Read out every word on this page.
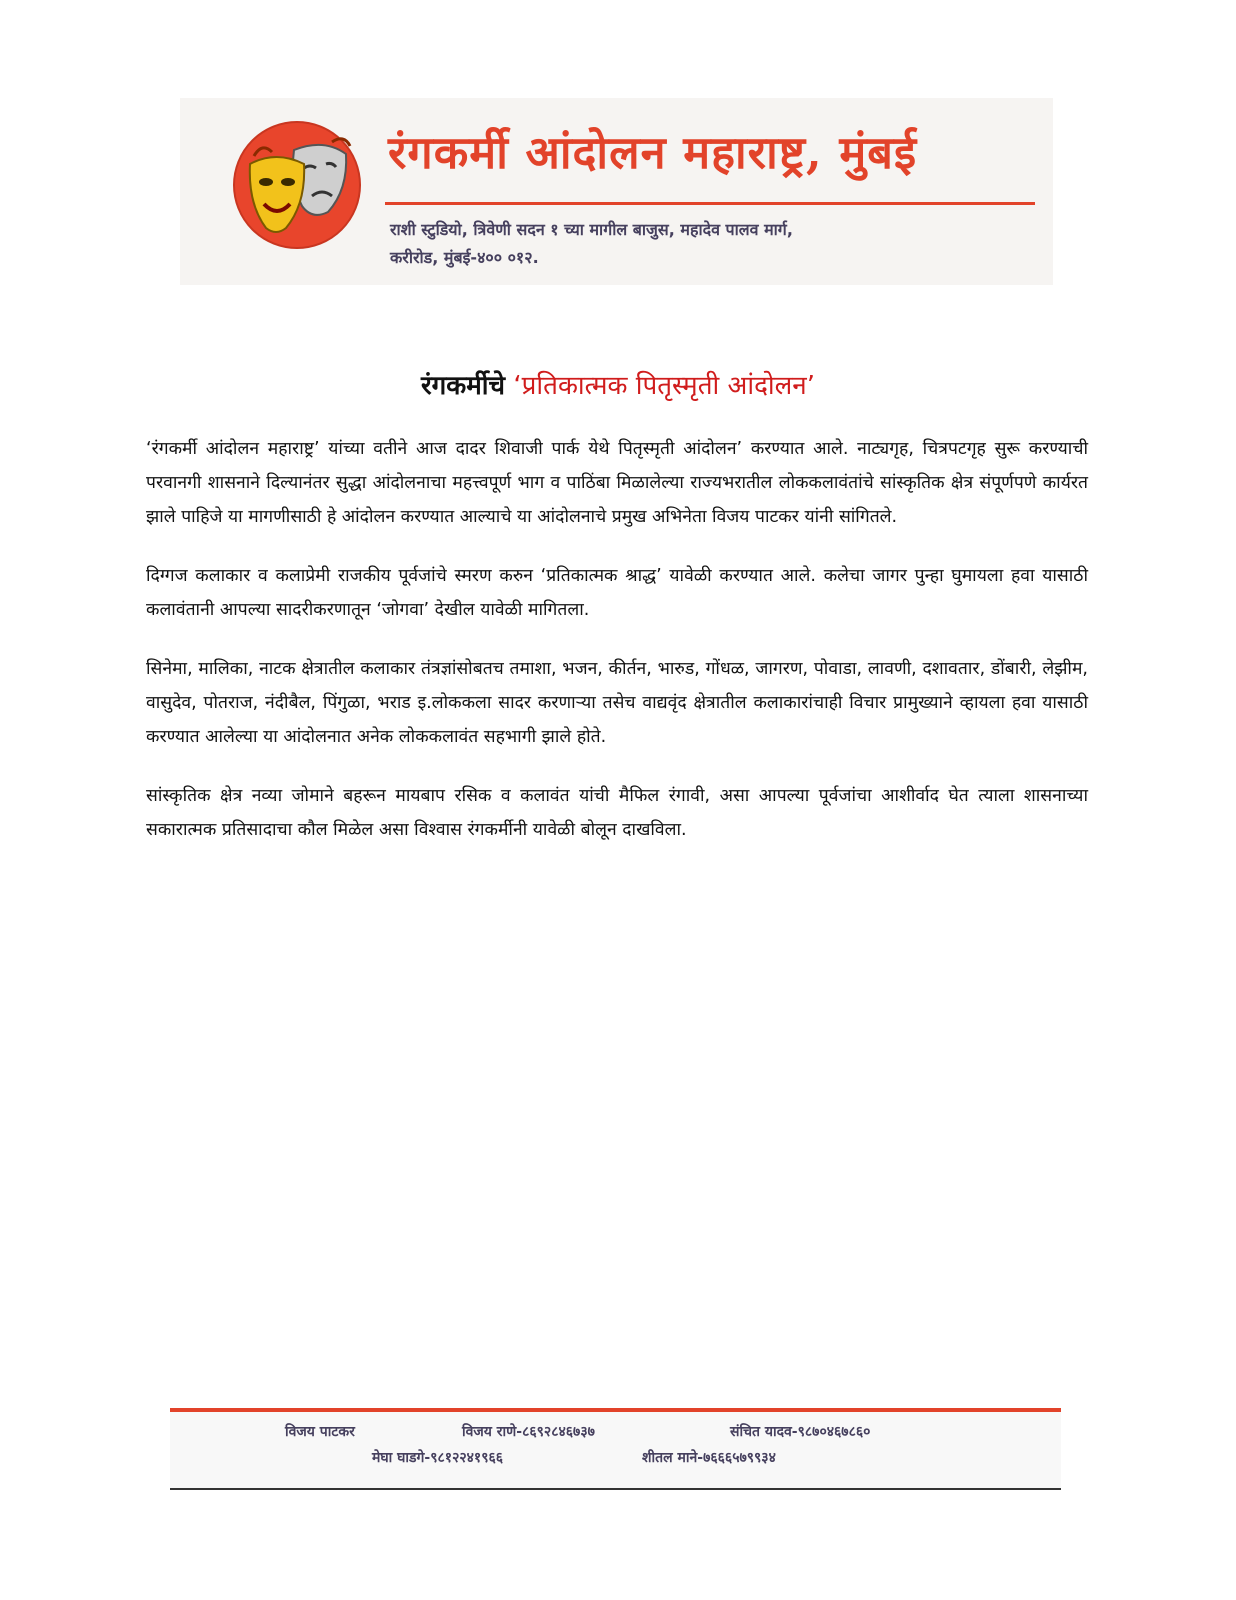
रंगकर्मी आंदोलन महाराष्ट्र, मुंबई
राशी स्टुडियो, त्रिवेणी सदन १ च्या मागील बाजुस, महादेव पालव मार्ग,
करीरोड, मुंबई-४०० ०१२.
रंगकर्मीचे ‘प्रतिकात्मक पितृस्मृती आंदोलन’

‘रंगकर्मी आंदोलन महाराष्ट्र’ यांच्या वतीने आज दादर शिवाजी पार्क येथे पितृस्मृती आंदोलन’ करण्यात आले. नाट्यगृह, चित्रपटगृह सुरू करण्याची परवानगी शासनाने दिल्यानंतर सुद्धा आंदोलनाचा महत्त्वपूर्ण भाग व पाठिंबा मिळालेल्या राज्यभरातील लोककलावंतांचे सांस्कृतिक क्षेत्र संपूर्णपणे कार्यरत झाले पाहिजे या मागणीसाठी हे आंदोलन करण्यात आल्याचे या आंदोलनाचे प्रमुख अभिनेता विजय पाटकर यांनी सांगितले.

दिग्गज कलाकार व कलाप्रेमी राजकीय पूर्वजांचे स्मरण करुन ‘प्रतिकात्मक श्राद्ध’ यावेळी करण्यात आले. कलेचा जागर पुन्हा घुमायला हवा यासाठी कलावंतानी आपल्या सादरीकरणातून ‘जोगवा’ देखील यावेळी मागितला.

सिनेमा, मालिका, नाटक क्षेत्रातील कलाकार तंत्रज्ञांसोबतच तमाशा, भजन, कीर्तन, भारुड, गोंधळ, जागरण, पोवाडा, लावणी, दशावतार, डोंबारी, लेझीम, वासुदेव, पोतराज, नंदीबैल, पिंगुळा, भराड इ.लोककला सादर करणाऱ्या तसेच वाद्यवृंद क्षेत्रातील कलाकारांचाही विचार प्रामुख्याने व्हायला हवा यासाठी करण्यात आलेल्या या आंदोलनात अनेक लोककलावंत सहभागी झाले होते.

सांस्कृतिक क्षेत्र नव्या जोमाने बहरून मायबाप रसिक व कलावंत यांची मैफिल रंगावी, असा आपल्या पूर्वजांचा आशीर्वाद घेत त्याला शासनाच्या सकारात्मक प्रतिसादाचा कौल मिळेल असा विश्वास रंगकर्मीनी यावेळी बोलून दाखविला.

विजय पाटकर	विजय राणे-८६९२८४६७३७	संचित यादव-९८७०४६७८६०
मेघा घाडगे-९८१२२४१९६६	शीतल माने-७६६६५७९९३४
